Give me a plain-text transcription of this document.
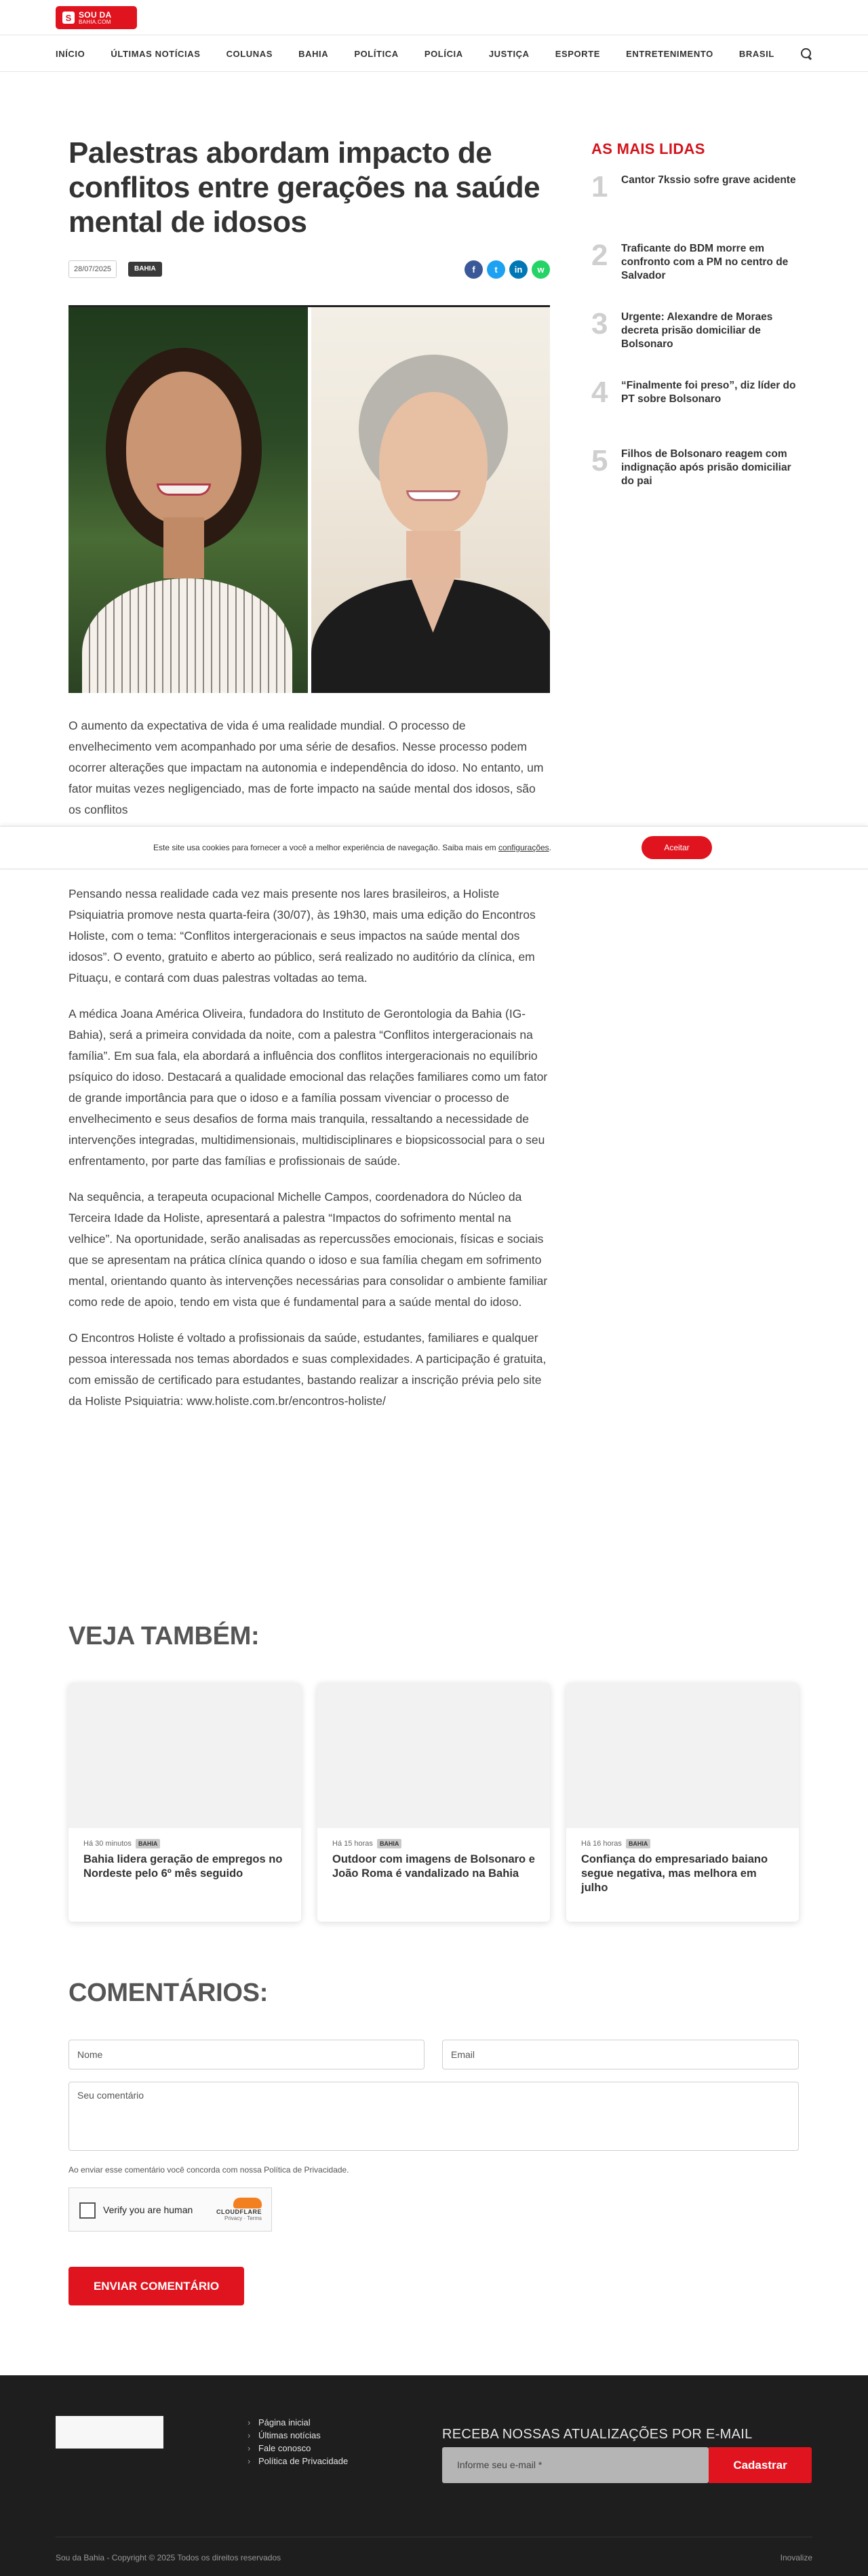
S SOU DA
BAHIA.COM
INÍCIO	ÚLTIMAS NOTÍCIAS	COLUNAS	BAHIA	POLÍTICA	POLÍCIA	JUSTIÇA	ESPORTE	ENTRETENIMENTO	BRASIL
Palestras abordam impacto de conflitos entre gerações na saúde mental de idosos
28/07/2025	BAHIA	f	t	in	w

O aumento da expectativa de vida é uma realidade mundial. O processo de envelhecimento vem acompanhado por uma série de desafios. Nesse processo podem ocorrer alterações que impactam na autonomia e independência do idoso. No entanto, um fator muitas vezes negligenciado, mas de forte impacto na saúde mental dos idosos, são os conflitos

Este site usa cookies para fornecer a você a melhor experiência de navegação. Saiba mais em configurações.	Aceitar

Pensando nessa realidade cada vez mais presente nos lares brasileiros, a Holiste Psiquiatria promove nesta quarta-feira (30/07), às 19h30, mais uma edição do Encontros Holiste, com o tema: “Conflitos intergeracionais e seus impactos na saúde mental dos idosos”. O evento, gratuito e aberto ao público, será realizado no auditório da clínica, em Pituaçu, e contará com duas palestras voltadas ao tema.

A médica Joana América Oliveira, fundadora do Instituto de Gerontologia da Bahia (IG-Bahia), será a primeira convidada da noite, com a palestra “Conflitos intergeracionais na família”. Em sua fala, ela abordará a influência dos conflitos intergeracionais no equilíbrio psíquico do idoso. Destacará a qualidade emocional das relações familiares como um fator de grande importância para que o idoso e a família possam vivenciar o processo de envelhecimento e seus desafios de forma mais tranquila, ressaltando a necessidade de intervenções integradas, multidimensionais, multidisciplinares e biopsicossocial para o seu enfrentamento, por parte das famílias e profissionais de saúde.

Na sequência, a terapeuta ocupacional Michelle Campos, coordenadora do Núcleo da Terceira Idade da Holiste, apresentará a palestra “Impactos do sofrimento mental na velhice”. Na oportunidade, serão analisadas as repercussões emocionais, físicas e sociais que se apresentam na prática clínica quando o idoso e sua família chegam em sofrimento mental, orientando quanto às intervenções necessárias para consolidar o ambiente familiar como rede de apoio, tendo em vista que é fundamental para a saúde mental do idoso.

O Encontros Holiste é voltado a profissionais da saúde, estudantes, familiares e qualquer pessoa interessada nos temas abordados e suas complexidades. A participação é gratuita, com emissão de certificado para estudantes, bastando realizar a inscrição prévia pelo site da Holiste Psiquiatria: www.holiste.com.br/encontros-holiste/

AS MAIS LIDAS
1 Cantor 7kssio sofre grave acidente
2 Traficante do BDM morre em confronto com a PM no centro de Salvador
3 Urgente: Alexandre de Moraes decreta prisão domiciliar de Bolsonaro
4 “Finalmente foi preso”, diz líder do PT sobre Bolsonaro
5 Filhos de Bolsonaro reagem com indignação após prisão domiciliar do pai
VEJA TAMBÉM:
Há 30 minutos	BAHIA
Bahia lidera geração de empregos no Nordeste pelo 6º mês seguido
Há 15 horas	BAHIA
Outdoor com imagens de Bolsonaro e João Roma é vandalizado na Bahia
Há 16 horas	BAHIA
Confiança do empresariado baiano segue negativa, mas melhora em julho
COMENTÁRIOS:
Nome	Email
Seu comentário
Ao enviar esse comentário você concorda com nossa Política de Privacidade.
Verify you are human	CLOUDFLARE
Privacy · Terms
ENVIAR COMENTÁRIO
› Página inicial
› Últimas notícias
› Fale conosco
› Política de Privacidade
RECEBA NOSSAS ATUALIZAÇÕES POR E-MAIL
Informe seu e-mail *	Cadastrar
Sou da Bahia - Copyright © 2025 Todos os direitos reservados	Inovalize
